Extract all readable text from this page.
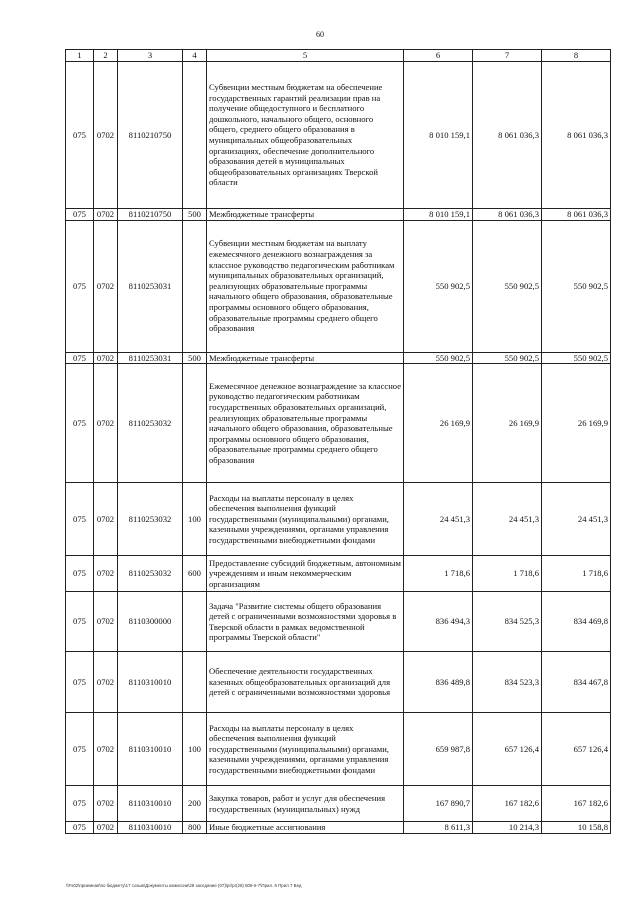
60
1	2	3	4	5	6	7	8
075	0702	8110210750		Субвенции местным бюджетам на обеспечение государственных гарантий реализации прав на получение общедоступного и бесплатного дошкольного, начального общего, основного общего, среднего общего образования в муниципальных общеобразовательных организациях, обеспечение дополнительного образования детей в муниципальных общеобразовательных организациях Тверской области	8 010 159,1	8 061 036,3	8 061 036,3
075	0702	8110210750	500	Межбюджетные трансферты	8 010 159,1	8 061 036,3	8 061 036,3
075	0702	8110253031		Субвенции местным бюджетам на выплату ежемесячного денежного вознаграждения за классное руководство педагогическим работникам муниципальных образовательных организаций, реализующих образовательные программы начального общего образования, образовательные программы основного общего образования, образовательные программы среднего общего образования	550 902,5	550 902,5	550 902,5
075	0702	8110253031	500	Межбюджетные трансферты	550 902,5	550 902,5	550 902,5
075	0702	8110253032		Ежемесячное денежное вознаграждение за классное руководство педагогическим работникам государственных образовательных организаций, реализующих образовательные программы начального общего образования, образовательные программы основного общего образования, образовательные программы среднего общего образования	26 169,9	26 169,9	26 169,9
075	0702	8110253032	100	Расходы на выплаты персоналу в целях обеспечения выполнения функций государственными (муниципальными) органами, казенными учреждениями, органами управления государственными внебюджетными фондами	24 451,3	24 451,3	24 451,3
075	0702	8110253032	600	Предоставление субсидий бюджетным, автономным учреждениям и иным некоммерческим организациям	1 718,6	1 718,6	1 718,6
075	0702	8110300000		Задача "Развитие системы общего образования детей с ограниченными возможностями здоровья в Тверской области в рамках ведомственной программы Тверской области"	836 494,3	834 525,3	834 469,8
075	0702	8110310010		Обеспечение деятельности государственных казенных общеобразовательных организаций для детей с ограниченными возможностями здоровья	836 489,8	834 523,3	834 467,8
075	0702	8110310010	100	Расходы на выплаты персоналу в целях обеспечения выполнения функций государственными (муниципальными) органами, казенными учреждениями, органами управления государственными внебюджетными фондами	659 987,8	657 126,4	657 126,4
075	0702	8110310010	200	Закупка товаров, работ и услуг для обеспечения государственных (муниципальных) нужд	167 890,7	167 182,6	167 182,6
075	0702	8110310010	800	Иные бюджетные ассигнования	8 611,3	10 214,3	10 158,8
\\Fs02\приемная\по бюджету\17 созыв\Документы комиссии\28 заседание (07)\pr\pr(28) 508-II-7\Прил. 6 Прил 7 Вед
